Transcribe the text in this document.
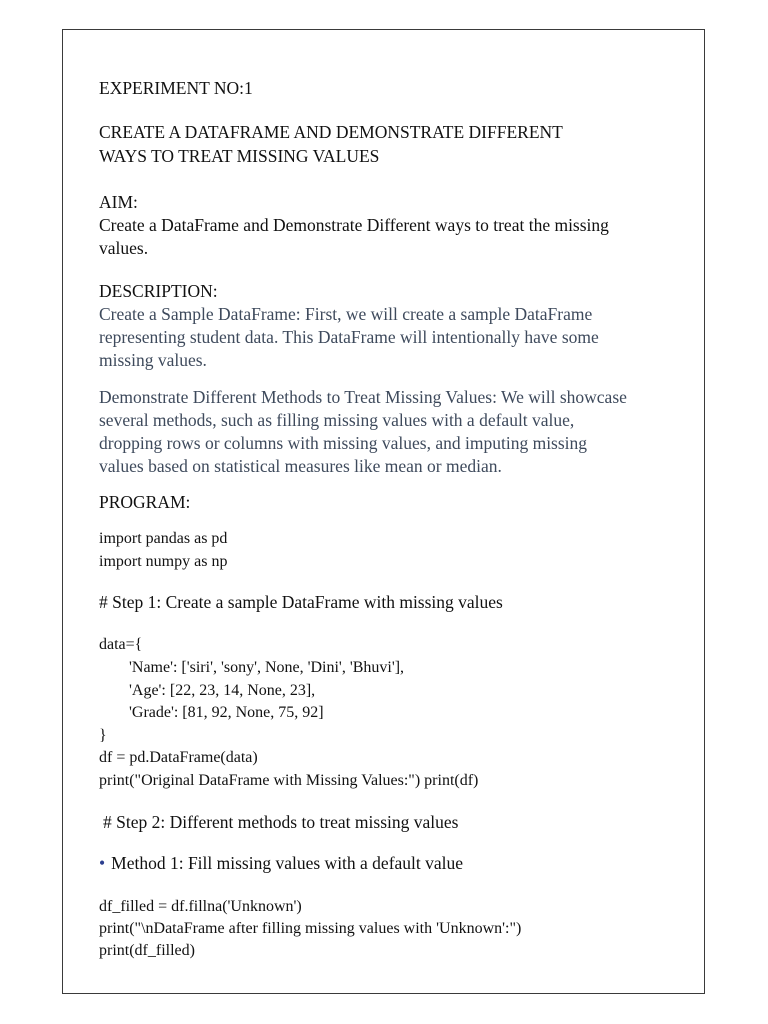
EXPERIMENT NO:1
CREATE A DATAFRAME AND DEMONSTRATE DIFFERENT
WAYS TO TREAT MISSING VALUES
AIM:
Create a DataFrame and Demonstrate Different ways to treat the missing
values.
DESCRIPTION:
Create a Sample DataFrame: First, we will create a sample DataFrame
representing student data. This DataFrame will intentionally have some
missing values.
Demonstrate Different Methods to Treat Missing Values: We will showcase
several methods, such as filling missing values with a default value,
dropping rows or columns with missing values, and imputing missing
values based on statistical measures like mean or median.
PROGRAM:
import pandas as pd
import numpy as np
# Step 1: Create a sample DataFrame with missing values
data={
'Name': ['siri', 'sony', None, 'Dini', 'Bhuvi'],
'Age': [22, 23, 14, None, 23],
'Grade': [81, 92, None, 75, 92]
}
df = pd.DataFrame(data)
print("Original DataFrame with Missing Values:") print(df)
# Step 2: Different methods to treat missing values
• Method 1: Fill missing values with a default value
df_filled = df.fillna('Unknown')
print("\nDataFrame after filling missing values with 'Unknown':")
print(df_filled)
